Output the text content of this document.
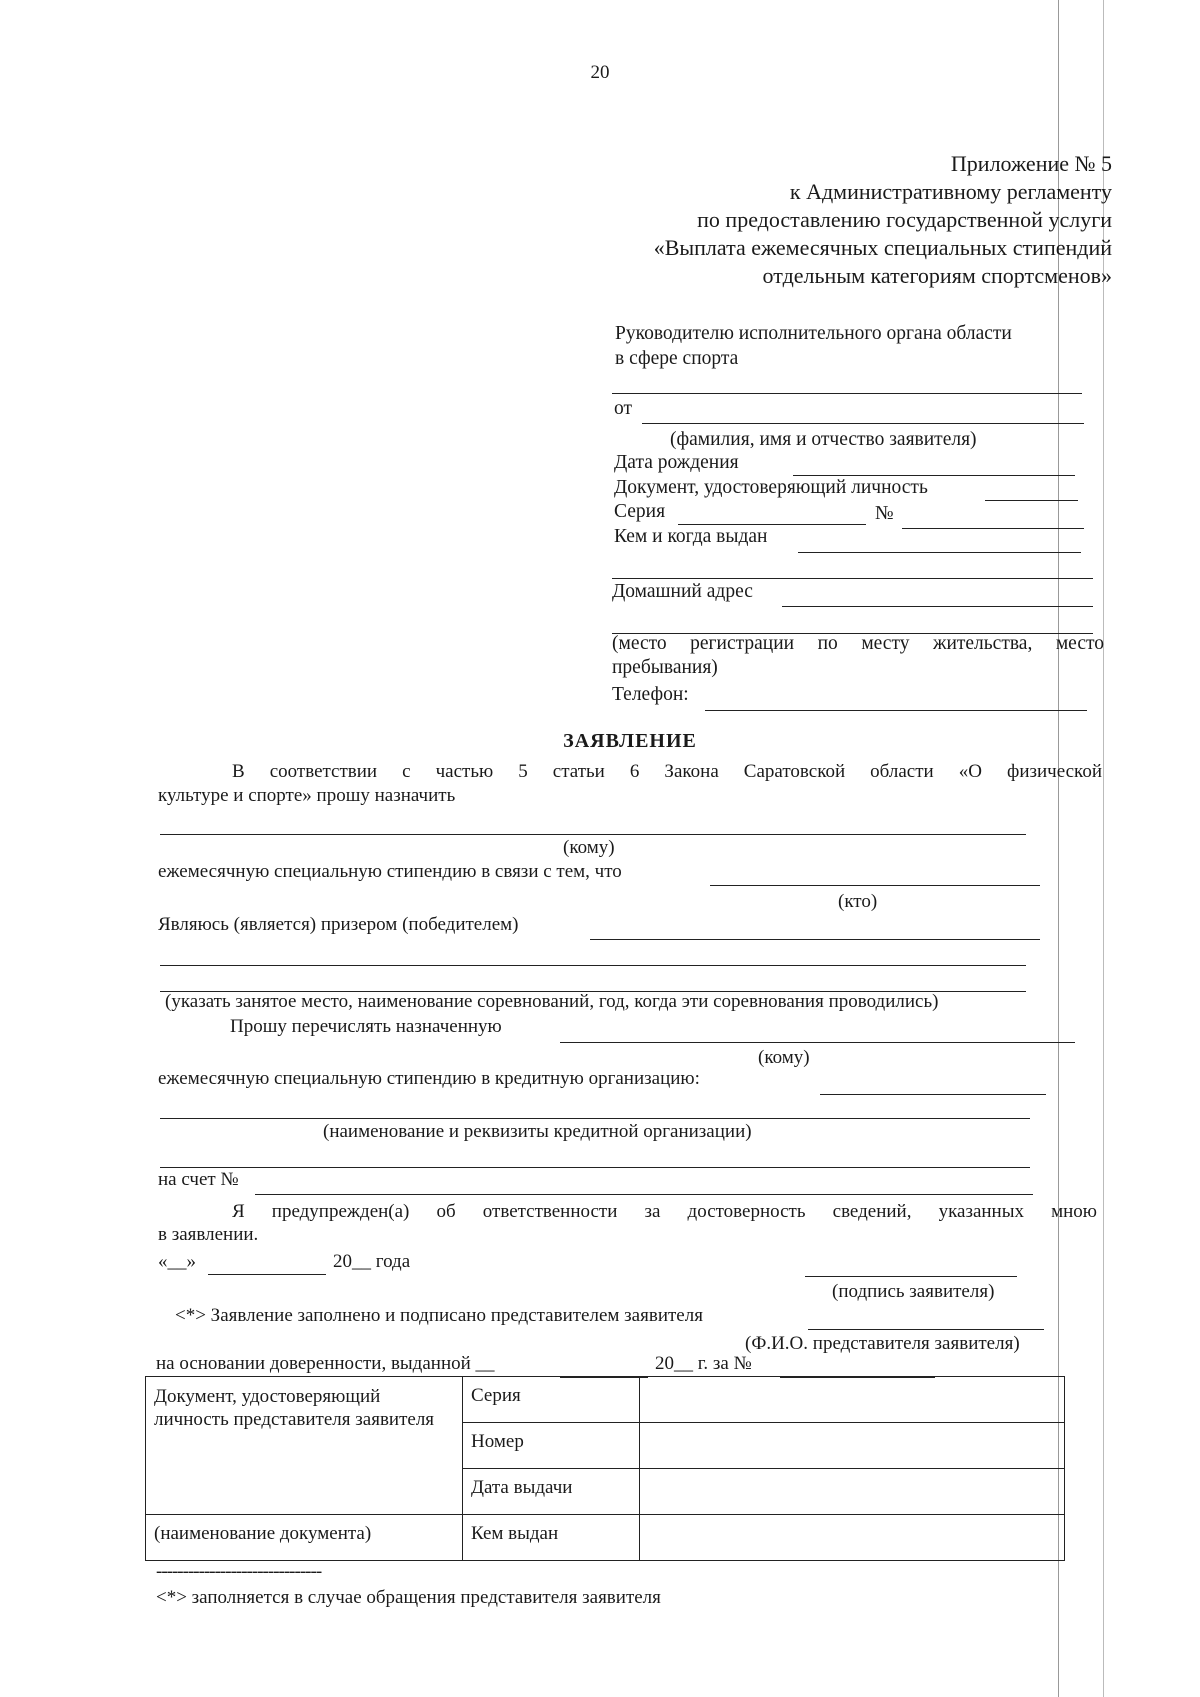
20
Приложение № 5
к Административному регламенту
по предоставлению государственной услуги
«Выплата ежемесячных специальных стипендий
отдельным категориям спортсменов»
Руководителю исполнительного органа области
в сфере спорта
от
(фамилия, имя и отчество заявителя)
Дата рождения
Документ, удостоверяющий личность
Серия	№
Кем и когда выдан
Домашний адрес
(место регистрации по месту жительства, место
пребывания)
Телефон:
ЗАЯВЛЕНИЕ
В соответствии с частью 5 статьи 6 Закона Саратовской области «О физической
культуре и спорте» прошу назначить
(кому)
ежемесячную специальную стипендию в связи с тем, что
(кто)
Являюсь (является) призером (победителем)
(указать занятое место, наименование соревнований, год, когда эти соревнования проводились)
Прошу перечислять назначенную
(кому)
ежемесячную специальную стипендию в кредитную организацию:
(наименование и реквизиты кредитной организации)
на счет №
Я предупрежден(а) об ответственности за достоверность сведений, указанных мною
в заявлении.
«__»	20__ года
(подпись заявителя)
<*> Заявление заполнено и подписано представителем заявителя
(Ф.И.О. представителя заявителя)
на основании доверенности, выданной __	20__ г. за №
Документ, удостоверяющий личность представителя заявителя	Серия	
	Номер	
	Дата выдачи	
(наименование документа)	Кем выдан	
-------------------------------
<*> заполняется в случае обращения представителя заявителя
